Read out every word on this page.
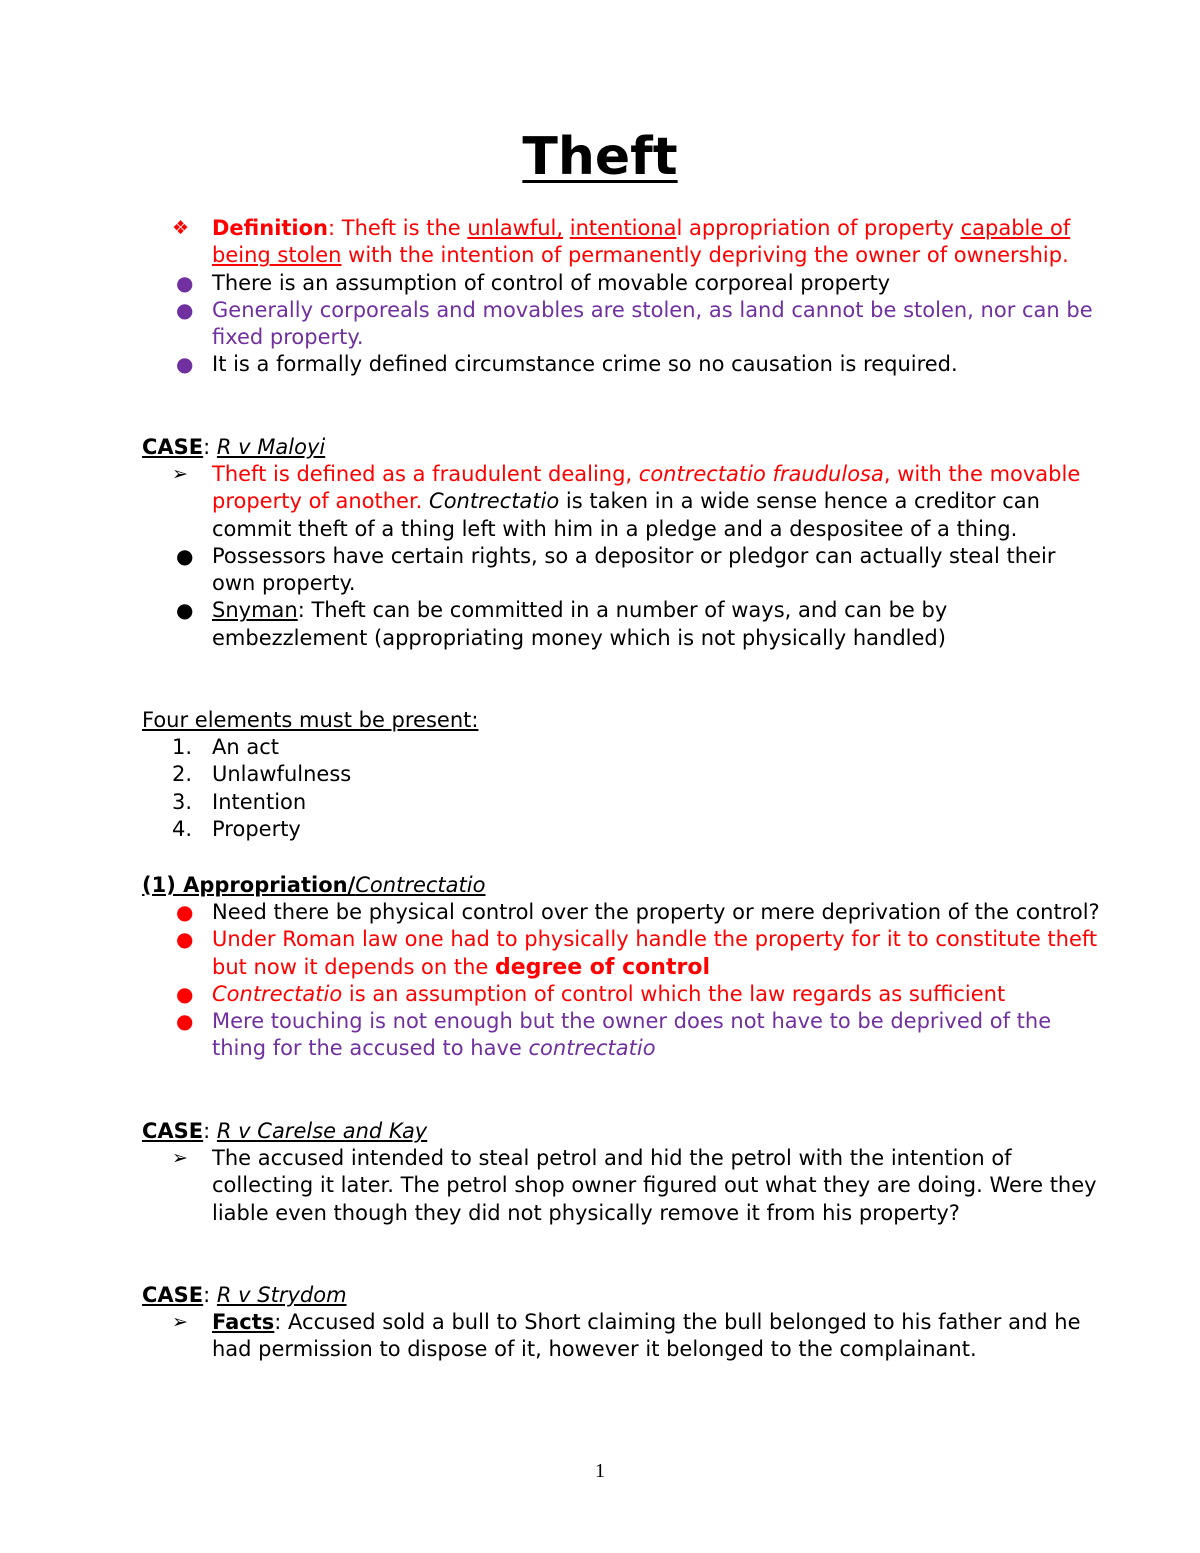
Theft
❖ Definition: Theft is the unlawful, intentional appropriation of property capable of being stolen with the intention of permanently depriving the owner of ownership.
● There is an assumption of control of movable corporeal property
● Generally corporeals and movables are stolen, as land cannot be stolen, nor can be fixed property.
● It is a formally defined circumstance crime so no causation is required.
CASE: R v Maloyi
➢ Theft is defined as a fraudulent dealing, contrectatio fraudulosa, with the movable property of another. Contrectatio is taken in a wide sense hence a creditor can commit theft of a thing left with him in a pledge and a despositee of a thing.
● Possessors have certain rights, so a depositor or pledgor can actually steal their own property.
● Snyman: Theft can be committed in a number of ways, and can be by embezzlement (appropriating money which is not physically handled)
Four elements must be present:
1. An act
2. Unlawfulness
3. Intention
4. Property
(1) Appropriation/Contrectatio
● Need there be physical control over the property or mere deprivation of the control?
● Under Roman law one had to physically handle the property for it to constitute theft but now it depends on the degree of control
● Contrectatio is an assumption of control which the law regards as sufficient
● Mere touching is not enough but the owner does not have to be deprived of the thing for the accused to have contrectatio
CASE: R v Carelse and Kay
➢ The accused intended to steal petrol and hid the petrol with the intention of collecting it later. The petrol shop owner figured out what they are doing. Were they liable even though they did not physically remove it from his property?
CASE: R v Strydom
➢ Facts: Accused sold a bull to Short claiming the bull belonged to his father and he had permission to dispose of it, however it belonged to the complainant.
1
